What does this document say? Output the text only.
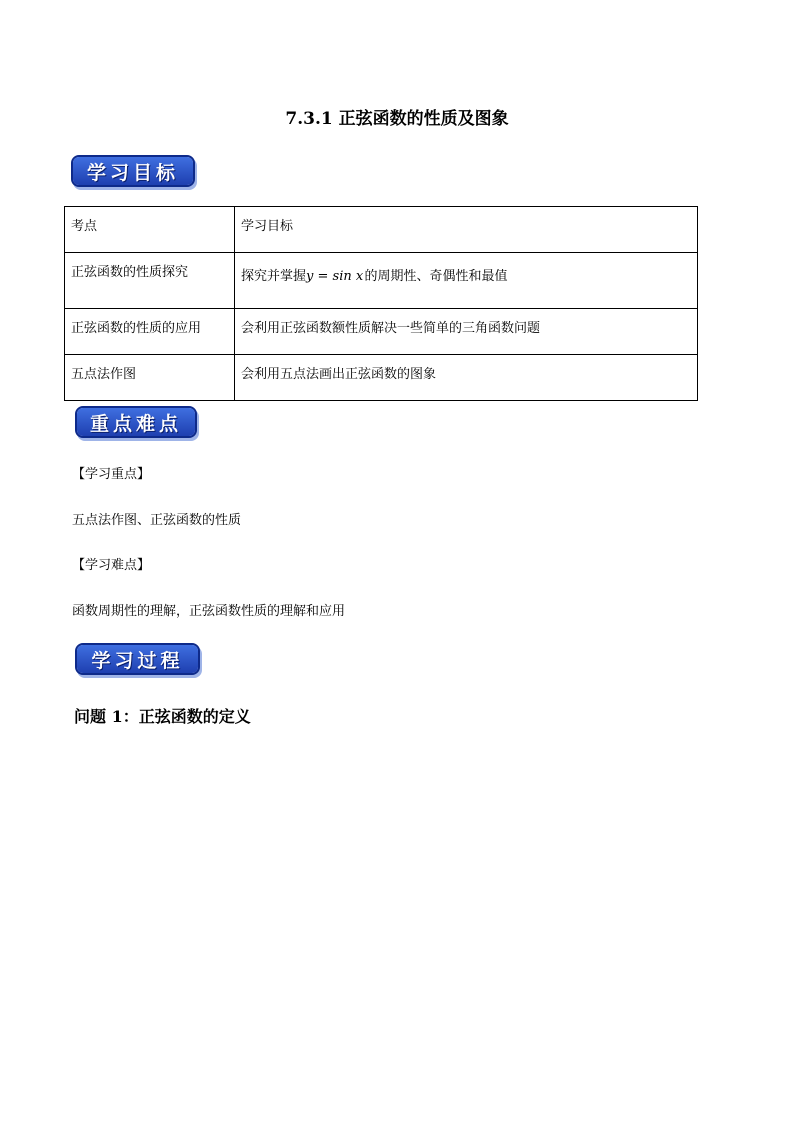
7.3.1 正弦函数的性质及图象
学习目标
考点	学习目标
正弦函数的性质探究	探究并掌握y = sin x 的周期性、奇偶性和最值
正弦函数的性质的应用	会利用正弦函数额性质解决一些简单的三角函数问题
五点法作图	会利用五点法画出正弦函数的图象
重点难点
【学习重点】
五点法作图、正弦函数的性质
【学习难点】
函数周期性的理解，正弦函数性质的理解和应用
学习过程
问题 1：正弦函数的定义
